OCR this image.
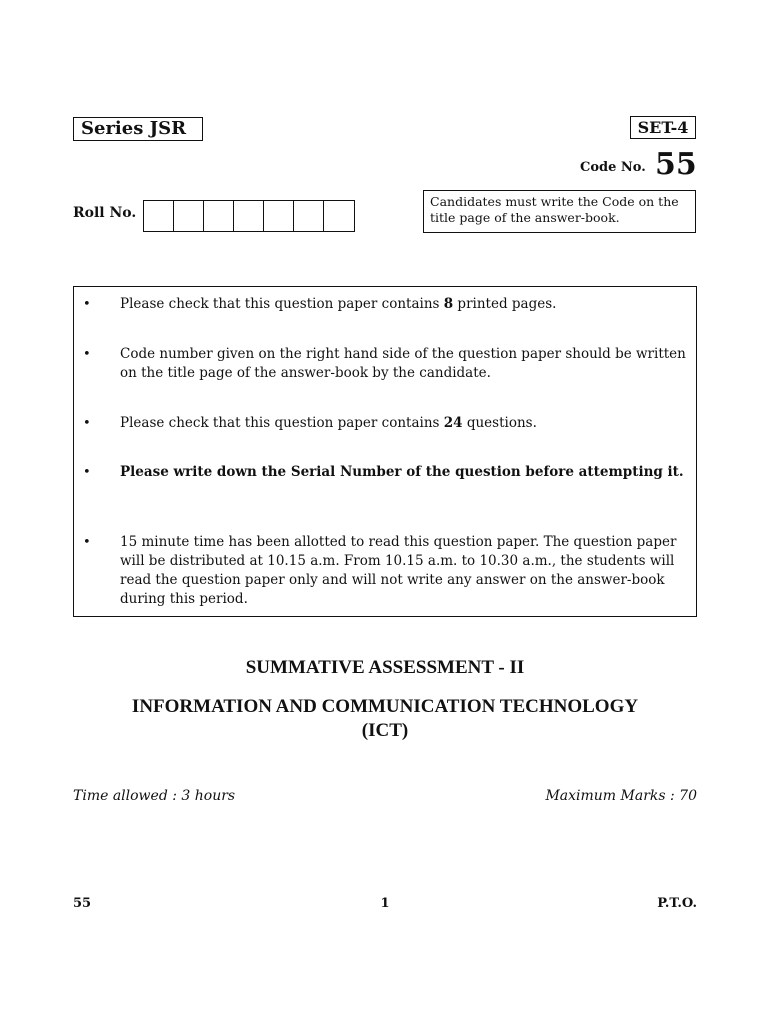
Series JSR	SET-4
Code No. 55
Roll No.
Candidates must write the Code on the title page of the answer-book.
• Please check that this question paper contains 8 printed pages.
• Code number given on the right hand side of the question paper should be written on the title page of the answer-book by the candidate.
• Please check that this question paper contains 24 questions.
• Please write down the Serial Number of the question before attempting it.
• 15 minute time has been allotted to read this question paper. The question paper will be distributed at 10.15 a.m. From 10.15 a.m. to 10.30 a.m., the students will read the question paper only and will not write any answer on the answer-book during this period.
SUMMATIVE ASSESSMENT - II
INFORMATION AND COMMUNICATION TECHNOLOGY
(ICT)
Time allowed : 3 hours	Maximum Marks : 70
55	1	P.T.O.
